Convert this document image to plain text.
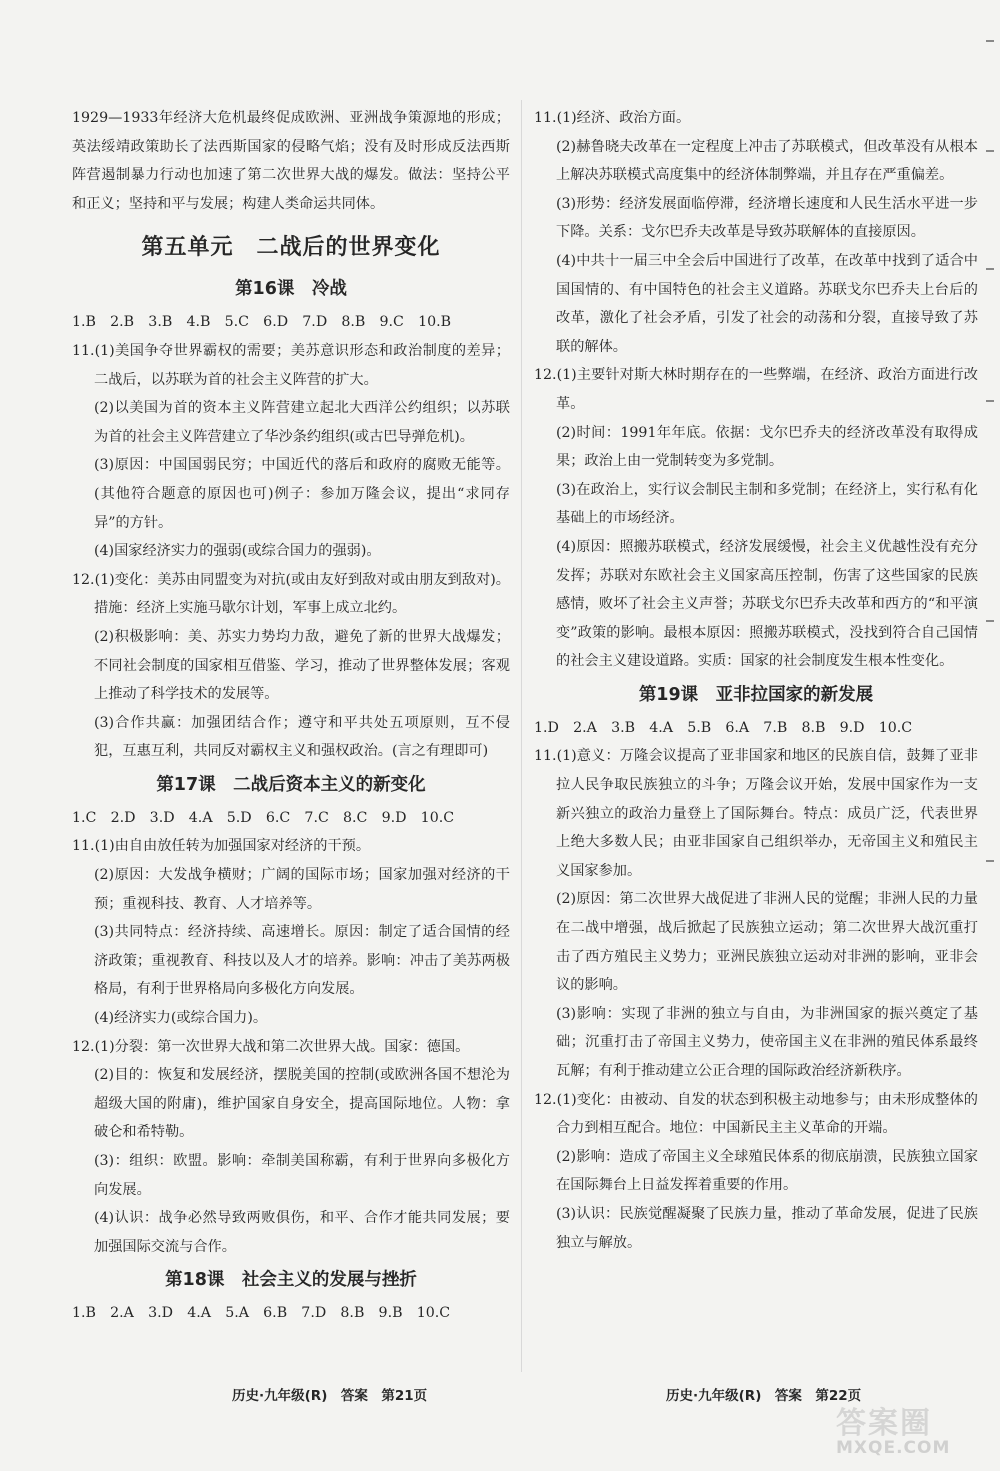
1929—1933年经济大危机最终促成欧洲、亚洲战争策源地的形成；英法绥靖政策助长了法西斯国家的侵略气焰；没有及时形成反法西斯阵营遏制暴力行动也加速了第二次世界大战的爆发。做法：坚持公平和正义；坚持和平与发展；构建人类命运共同体。

第五单元　二战后的世界变化
第16课　冷战

1.B　2.B　3.B　4.B　5.C　6.D　7.D　8.B　9.C　10.B

11.(1)美国争夺世界霸权的需要；美苏意识形态和政治制度的差异；二战后，以苏联为首的社会主义阵营的扩大。

(2)以美国为首的资本主义阵营建立起北大西洋公约组织；以苏联为首的社会主义阵营建立了华沙条约组织(或古巴导弹危机)。

(3)原因：中国国弱民穷；中国近代的落后和政府的腐败无能等。(其他符合题意的原因也可)例子：参加万隆会议，提出“求同存异”的方针。

(4)国家经济实力的强弱(或综合国力的强弱)。

12.(1)变化：美苏由同盟变为对抗(或由友好到敌对或由朋友到敌对)。措施：经济上实施马歇尔计划，军事上成立北约。

(2)积极影响：美、苏实力势均力敌，避免了新的世界大战爆发；不同社会制度的国家相互借鉴、学习，推动了世界整体发展；客观上推动了科学技术的发展等。

(3)合作共赢：加强团结合作；遵守和平共处五项原则，互不侵犯，互惠互利，共同反对霸权主义和强权政治。(言之有理即可)

第17课　二战后资本主义的新变化

1.C　2.D　3.D　4.A　5.D　6.C　7.C　8.C　9.D　10.C

11.(1)由自由放任转为加强国家对经济的干预。

(2)原因：大发战争横财；广阔的国际市场；国家加强对经济的干预；重视科技、教育、人才培养等。

(3)共同特点：经济持续、高速增长。原因：制定了适合国情的经济政策；重视教育、科技以及人才的培养。影响：冲击了美苏两极格局，有利于世界格局向多极化方向发展。

(4)经济实力(或综合国力)。

12.(1)分裂：第一次世界大战和第二次世界大战。国家：德国。

(2)目的：恢复和发展经济，摆脱美国的控制(或欧洲各国不想沦为超级大国的附庸)，维护国家自身安全，提高国际地位。人物：拿破仑和希特勒。

(3)：组织：欧盟。影响：牵制美国称霸，有利于世界向多极化方向发展。

(4)认识：战争必然导致两败俱伤，和平、合作才能共同发展；要加强国际交流与合作。

第18课　社会主义的发展与挫折

1.B　2.A　3.D　4.A　5.A　6.B　7.D　8.B　9.B　10.C

11.(1)经济、政治方面。

(2)赫鲁晓夫改革在一定程度上冲击了苏联模式，但改革没有从根本上解决苏联模式高度集中的经济体制弊端，并且存在严重偏差。

(3)形势：经济发展面临停滞，经济增长速度和人民生活水平进一步下降。关系：戈尔巴乔夫改革是导致苏联解体的直接原因。

(4)中共十一届三中全会后中国进行了改革，在改革中找到了适合中国国情的、有中国特色的社会主义道路。苏联戈尔巴乔夫上台后的改革，激化了社会矛盾，引发了社会的动荡和分裂，直接导致了苏联的解体。

12.(1)主要针对斯大林时期存在的一些弊端，在经济、政治方面进行改革。

(2)时间：1991年年底。依据：戈尔巴乔夫的经济改革没有取得成果；政治上由一党制转变为多党制。

(3)在政治上，实行议会制民主制和多党制；在经济上，实行私有化基础上的市场经济。

(4)原因：照搬苏联模式，经济发展缓慢，社会主义优越性没有充分发挥；苏联对东欧社会主义国家高压控制，伤害了这些国家的民族感情，败坏了社会主义声誉；苏联戈尔巴乔夫改革和西方的“和平演变”政策的影响。最根本原因：照搬苏联模式，没找到符合自己国情的社会主义建设道路。实质：国家的社会制度发生根本性变化。

第19课　亚非拉国家的新发展

1.D　2.A　3.B　4.A　5.B　6.A　7.B　8.B　9.D　10.C

11.(1)意义：万隆会议提高了亚非国家和地区的民族自信，鼓舞了亚非拉人民争取民族独立的斗争；万隆会议开始，发展中国家作为一支新兴独立的政治力量登上了国际舞台。特点：成员广泛，代表世界上绝大多数人民；由亚非国家自己组织举办，无帝国主义和殖民主义国家参加。

(2)原因：第二次世界大战促进了非洲人民的觉醒；非洲人民的力量在二战中增强，战后掀起了民族独立运动；第二次世界大战沉重打击了西方殖民主义势力；亚洲民族独立运动对非洲的影响，亚非会议的影响。

(3)影响：实现了非洲的独立与自由，为非洲国家的振兴奠定了基础；沉重打击了帝国主义势力，使帝国主义在非洲的殖民体系最终瓦解；有利于推动建立公正合理的国际政治经济新秩序。

12.(1)变化：由被动、自发的状态到积极主动地参与；由未形成整体的合力到相互配合。地位：中国新民主主义革命的开端。

(2)影响：造成了帝国主义全球殖民体系的彻底崩溃，民族独立国家在国际舞台上日益发挥着重要的作用。

(3)认识：民族觉醒凝聚了民族力量，推动了革命发展，促进了民族独立与解放。

历史·九年级(R)　答案　第21页	历史·九年级(R)　答案　第22页
答案圈
MXQE.COM
